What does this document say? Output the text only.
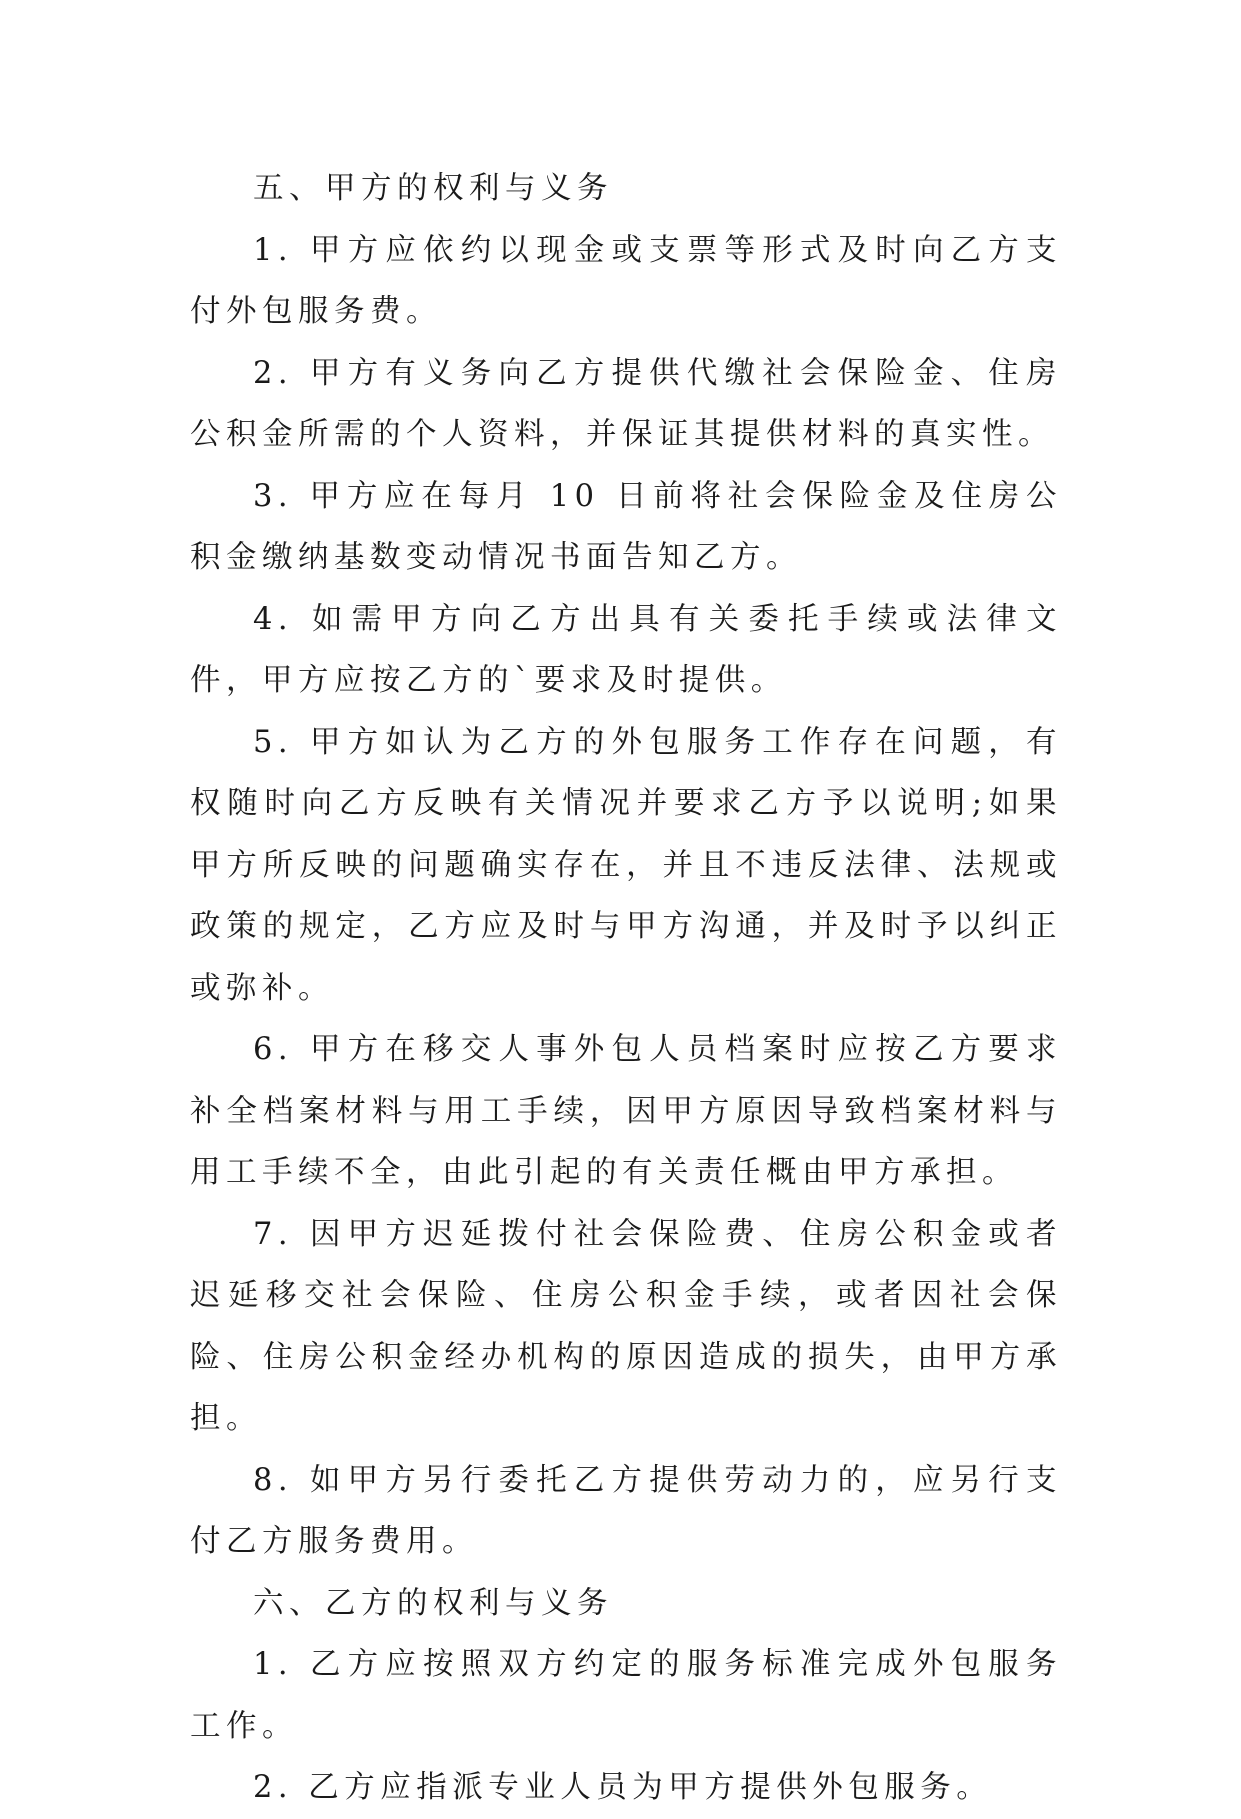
五、甲方的权利与义务

1. 甲方应依约以现金或支票等形式及时向乙方支付外包服务费。

2. 甲方有义务向乙方提供代缴社会保险金、住房公积金所需的个人资料，并保证其提供材料的真实性。

3. 甲方应在每月 10 日前将社会保险金及住房公积金缴纳基数变动情况书面告知乙方。

4. 如需甲方向乙方出具有关委托手续或法律文件，甲方应按乙方的`要求及时提供。

5. 甲方如认为乙方的外包服务工作存在问题，有权随时向乙方反映有关情况并要求乙方予以说明;如果甲方所反映的问题确实存在，并且不违反法律、法规或政策的规定，乙方应及时与甲方沟通，并及时予以纠正或弥补。

6. 甲方在移交人事外包人员档案时应按乙方要求补全档案材料与用工手续，因甲方原因导致档案材料与用工手续不全，由此引起的有关责任概由甲方承担。

7. 因甲方迟延拨付社会保险费、住房公积金或者迟延移交社会保险、住房公积金手续，或者因社会保险、住房公积金经办机构的原因造成的损失，由甲方承担。

8. 如甲方另行委托乙方提供劳动力的，应另行支付乙方服务费用。

六、乙方的权利与义务

1. 乙方应按照双方约定的服务标准完成外包服务工作。

2. 乙方应指派专业人员为甲方提供外包服务。
